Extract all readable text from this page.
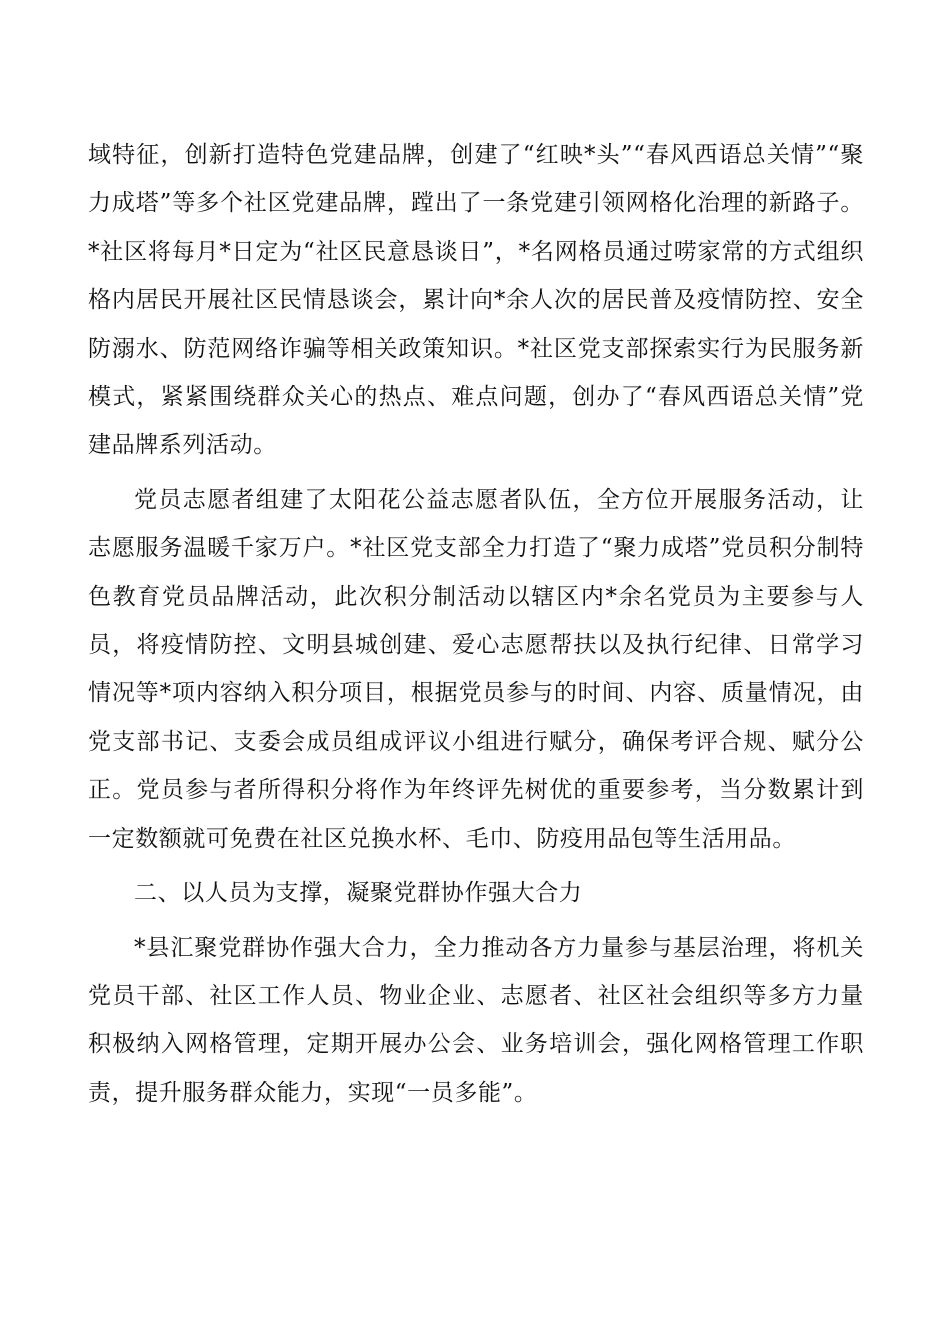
域特征，创新打造特色党建品牌，创建了“红映*头”“春风西语总关情”“聚力成塔”等多个社区党建品牌，蹚出了一条党建引领网格化治理的新路子。*社区将每月*日定为“社区民意恳谈日”，*名网格员通过唠家常的方式组织格内居民开展社区民情恳谈会，累计向*余人次的居民普及疫情防控、安全防溺水、防范网络诈骗等相关政策知识。*社区党支部探索实行为民服务新模式，紧紧围绕群众关心的热点、难点问题，创办了“春风西语总关情”党建品牌系列活动。

党员志愿者组建了太阳花公益志愿者队伍，全方位开展服务活动，让志愿服务温暖千家万户。*社区党支部全力打造了“聚力成塔”党员积分制特色教育党员品牌活动，此次积分制活动以辖区内*余名党员为主要参与人员，将疫情防控、文明县城创建、爱心志愿帮扶以及执行纪律、日常学习情况等*项内容纳入积分项目，根据党员参与的时间、内容、质量情况，由党支部书记、支委会成员组成评议小组进行赋分，确保考评合规、赋分公正。党员参与者所得积分将作为年终评先树优的重要参考，当分数累计到一定数额就可免费在社区兑换水杯、毛巾、防疫用品包等生活用品。

二、以人员为支撑，凝聚党群协作强大合力

*县汇聚党群协作强大合力，全力推动各方力量参与基层治理，将机关党员干部、社区工作人员、物业企业、志愿者、社区社会组织等多方力量积极纳入网格管理，定期开展办公会、业务培训会，强化网格管理工作职责，提升服务群众能力，实现“一员多能”。
